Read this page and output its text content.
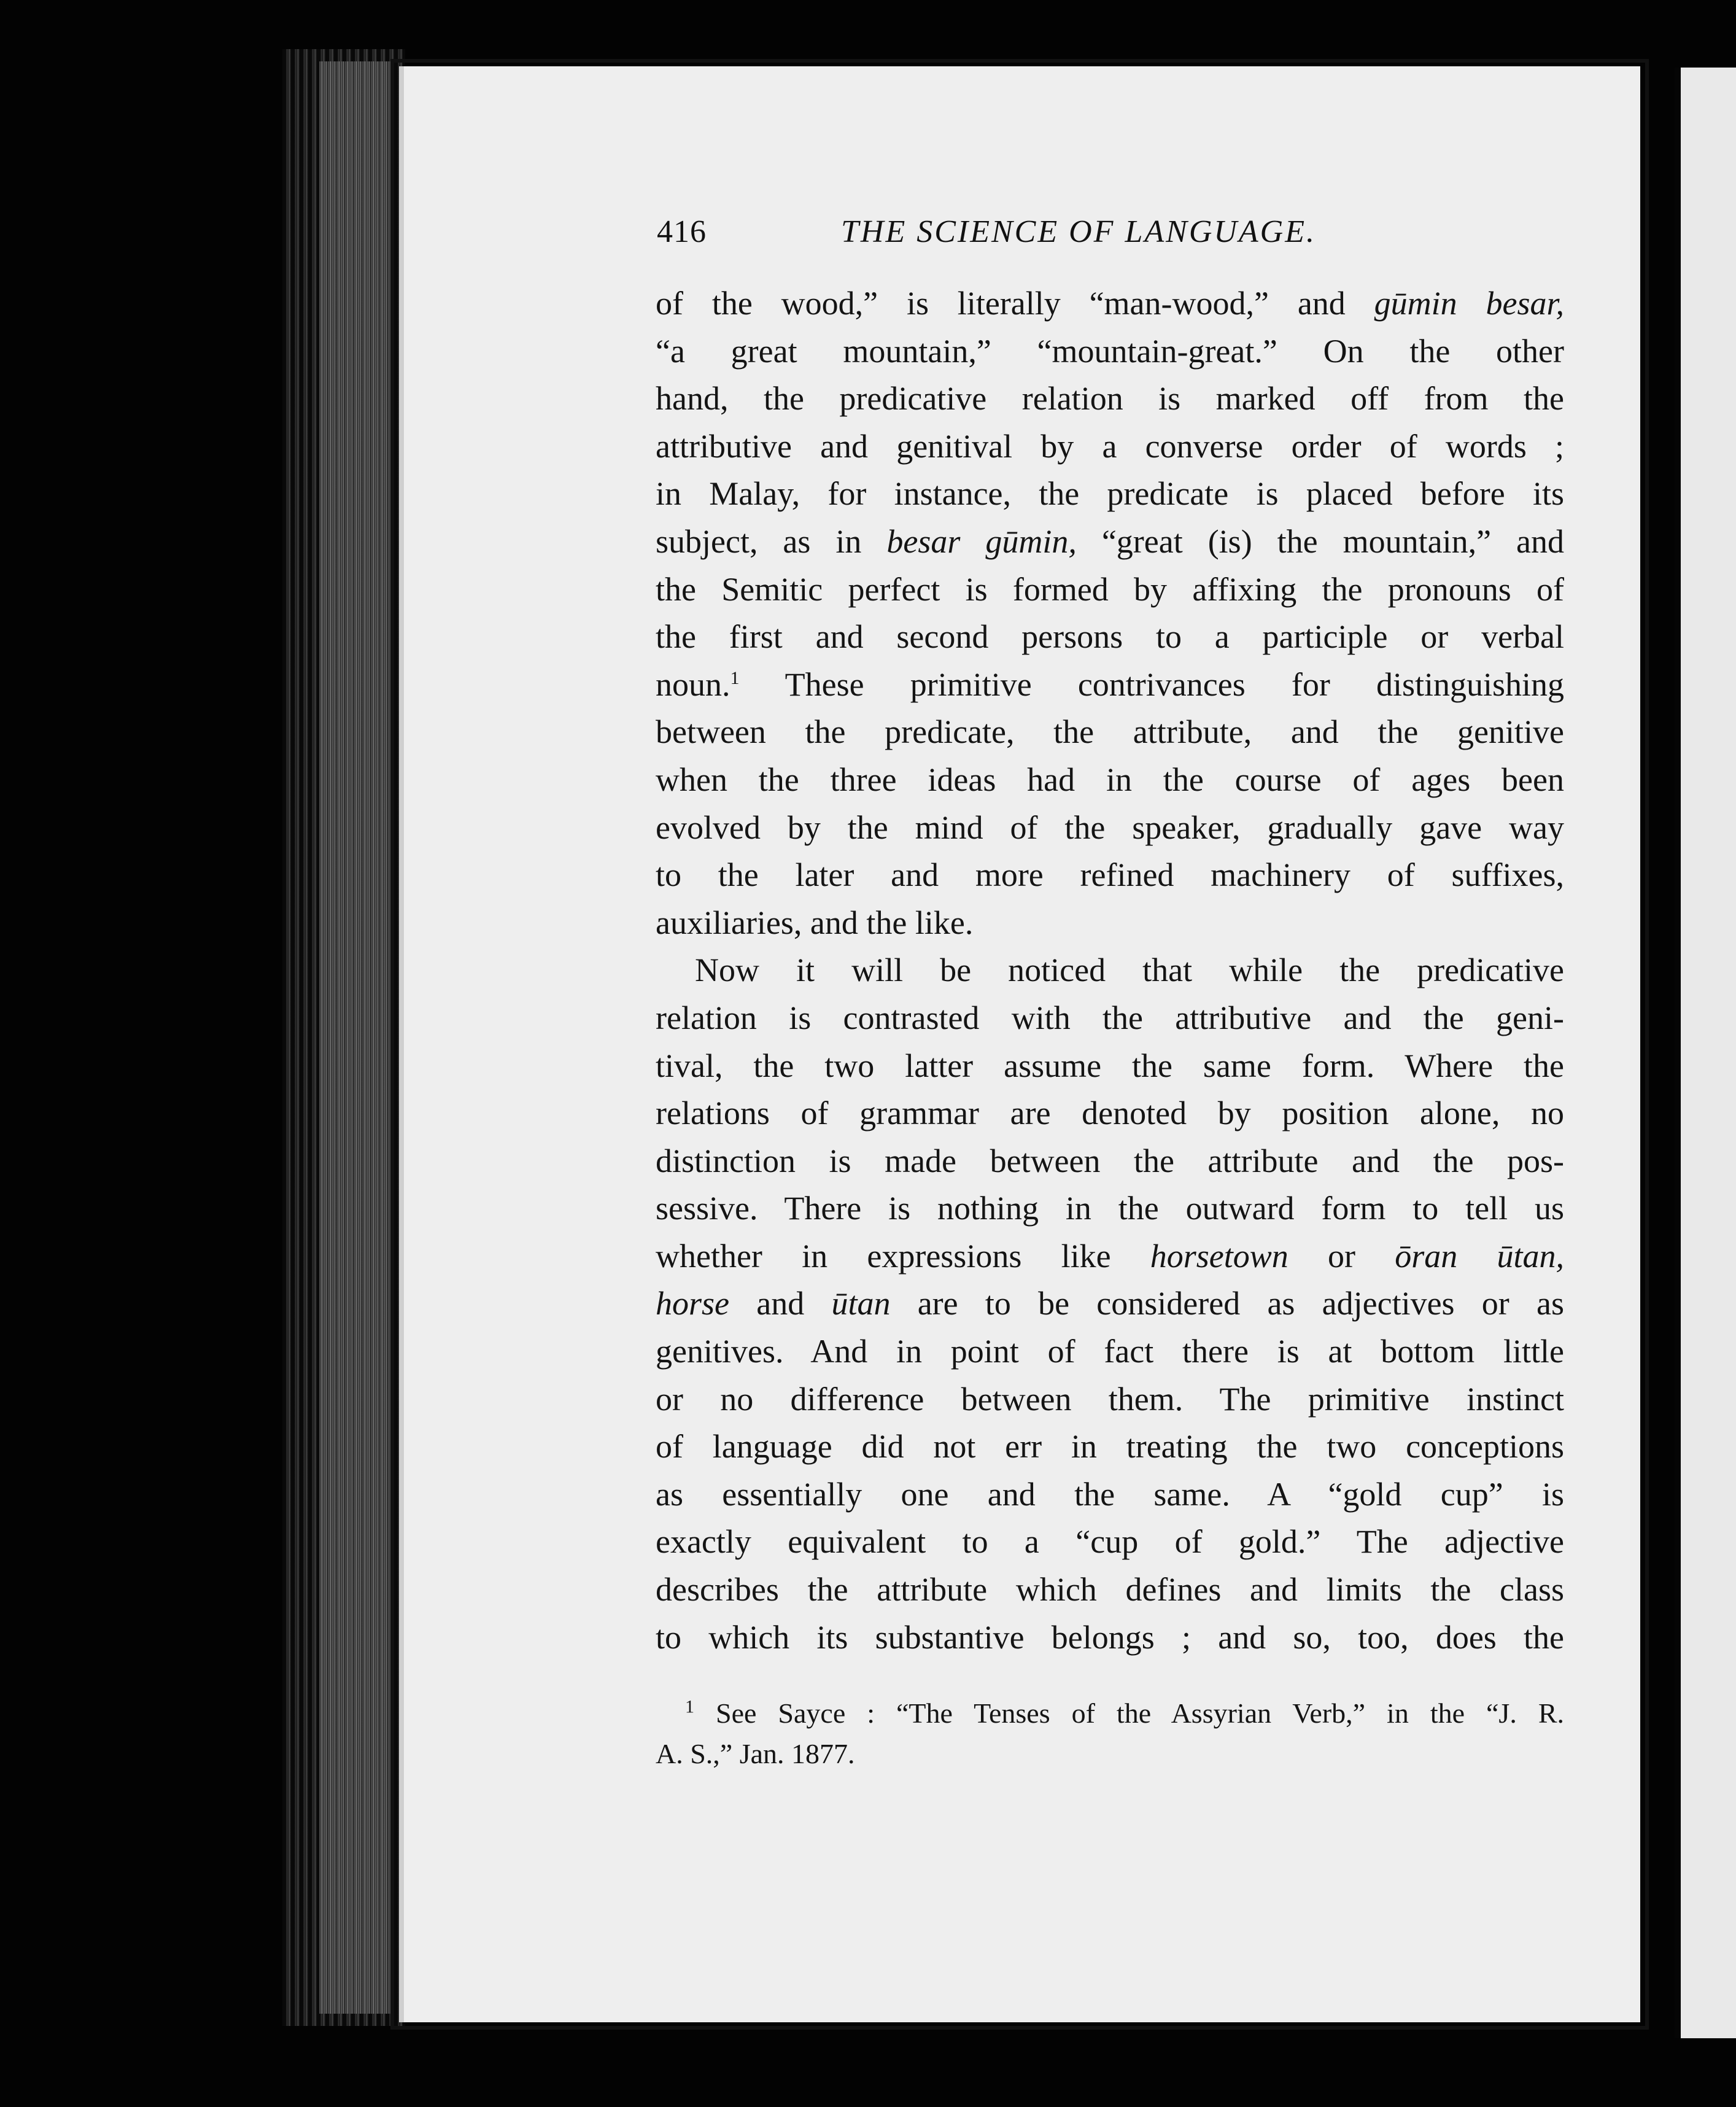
416	THE SCIENCE OF LANGUAGE.
of the wood,” is literally “man-wood,” and gūmin besar,
“a great mountain,” “mountain-great.” On the other
hand, the predicative relation is marked off from the
attributive and genitival by a converse order of words ;
in Malay, for instance, the predicate is placed before its
subject, as in besar gūmin, “great (is) the mountain,” and
the Semitic perfect is formed by affixing the pronouns of
the first and second persons to a participle or verbal
noun.$^1$ These primitive contrivances for distinguishing
between the predicate, the attribute, and the genitive
when the three ideas had in the course of ages been
evolved by the mind of the speaker, gradually gave way
to the later and more refined machinery of suffixes,
auxiliaries, and the like.
Now it will be noticed that while the predicative
relation is contrasted with the attributive and the geni-
tival, the two latter assume the same form. Where the
relations of grammar are denoted by position alone, no
distinction is made between the attribute and the pos-
sessive. There is nothing in the outward form to tell us
whether in expressions like horsetown or ōran ūtan,
horse and ūtan are to be considered as adjectives or as
genitives. And in point of fact there is at bottom little
or no difference between them. The primitive instinct
of language did not err in treating the two conceptions
as essentially one and the same. A “gold cup” is
exactly equivalent to a “cup of gold.” The adjective
describes the attribute which defines and limits the class
to which its substantive belongs ; and so, too, does the
$^1$ See Sayce : “The Tenses of the Assyrian Verb,” in the “J. R.
A. S.,” Jan. 1877.
